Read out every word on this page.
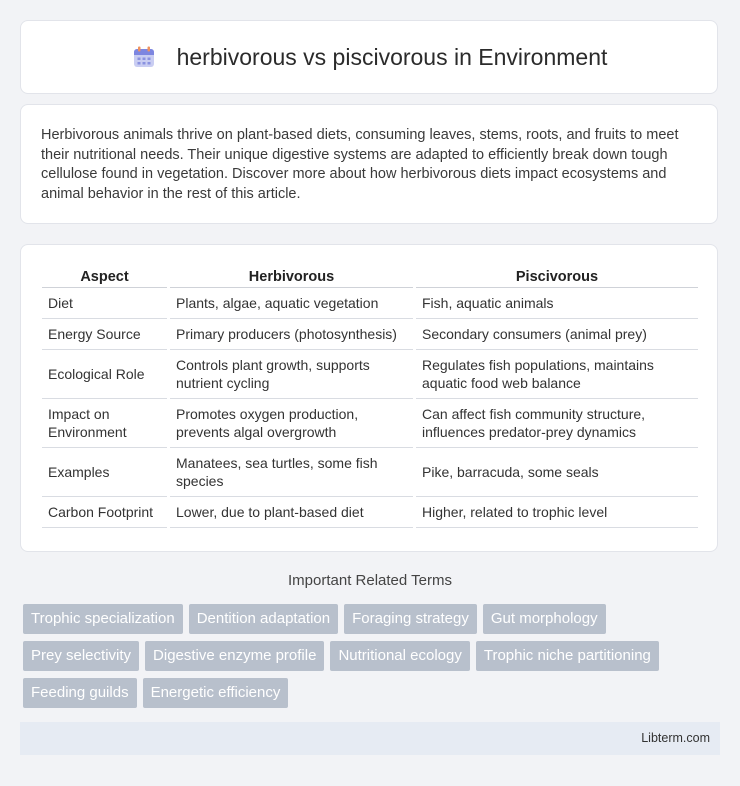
herbivorous vs piscivorous in Environment

Herbivorous animals thrive on plant-based diets, consuming leaves, stems, roots, and fruits to meet their nutritional needs. Their unique digestive systems are adapted to efficiently break down tough cellulose found in vegetation. Discover more about how herbivorous diets impact ecosystems and animal behavior in the rest of this article.

Aspect	Herbivorous	Piscivorous
Diet	Plants, algae, aquatic vegetation	Fish, aquatic animals
Energy Source	Primary producers (photosynthesis)	Secondary consumers (animal prey)
Ecological Role	Controls plant growth, supports nutrient cycling	Regulates fish populations, maintains aquatic food web balance
Impact on Environment	Promotes oxygen production, prevents algal overgrowth	Can affect fish community structure, influences predator-prey dynamics
Examples	Manatees, sea turtles, some fish species	Pike, barracuda, some seals
Carbon Footprint	Lower, due to plant-based diet	Higher, related to trophic level
Important Related Terms
Trophic specialization	Dentition adaptation	Foraging strategy	Gut morphology
Prey selectivity	Digestive enzyme profile	Nutritional ecology	Trophic niche partitioning
Feeding guilds	Energetic efficiency
Libterm.com
